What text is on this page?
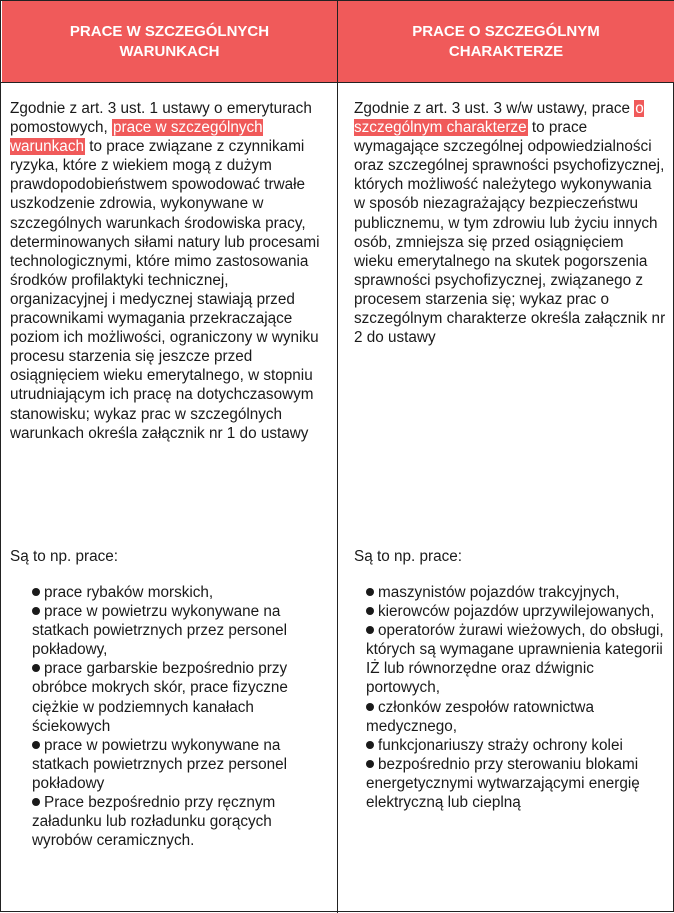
PRACE W SZCZEGÓLNYCH WARUNKACH
PRACE O SZCZEGÓLNYM CHARAKTERZE

Zgodnie z art. 3 ust. 1 ustawy o emeryturach pomostowych, prace w szczególnych warunkach to prace związane z czynnikami ryzyka, które z wiekiem mogą z dużym prawdopodobieństwem spowodować trwałe uszkodzenie zdrowia, wykonywane w szczególnych warunkach środowiska pracy, determinowanych siłami natury lub procesami technologicznymi, które mimo zastosowania środków profilaktyki technicznej, organizacyjnej i medycznej stawiają przed pracownikami wymagania przekraczające poziom ich możliwości, ograniczony w wyniku procesu starzenia się jeszcze przed osiągnięciem wieku emerytalnego, w stopniu utrudniającym ich pracę na dotychczasowym stanowisku; wykaz prac w szczególnych warunkach określa załącznik nr 1 do ustawy

Są to np. prace:

prace rybaków morskich,
prace w powietrzu wykonywane na statkach powietrznych przez personel pokładowy,
prace garbarskie bezpośrednio przy obróbce mokrych skór, prace fizyczne ciężkie w podziemnych kanałach ściekowych
prace w powietrzu wykonywane na statkach powietrznych przez personel pokładowy
Prace bezpośrednio przy ręcznym załadunku lub rozładunku gorących wyrobów ceramicznych.

Zgodnie z art. 3 ust. 3 w/w ustawy, prace o szczególnym charakterze to prace wymagające szczególnej odpowiedzialności oraz szczególnej sprawności psychofizycznej, których możliwość należytego wykonywania w sposób niezagrażający bezpieczeństwu publicznemu, w tym zdrowiu lub życiu innych osób, zmniejsza się przed osiągnięciem wieku emerytalnego na skutek pogorszenia sprawności psychofizycznej, związanego z procesem starzenia się; wykaz prac o szczególnym charakterze określa załącznik nr 2 do ustawy

Są to np. prace:

maszynistów pojazdów trakcyjnych,
kierowców pojazdów uprzywilejowanych,
operatorów żurawi wieżowych, do obsługi, których są wymagane uprawnienia kategorii IŻ lub równorzędne oraz dźwignic portowych,
członków zespołów ratownictwa medycznego,
funkcjonariuszy straży ochrony kolei
bezpośrednio przy sterowaniu blokami energetycznymi wytwarzającymi energię elektryczną lub cieplną
